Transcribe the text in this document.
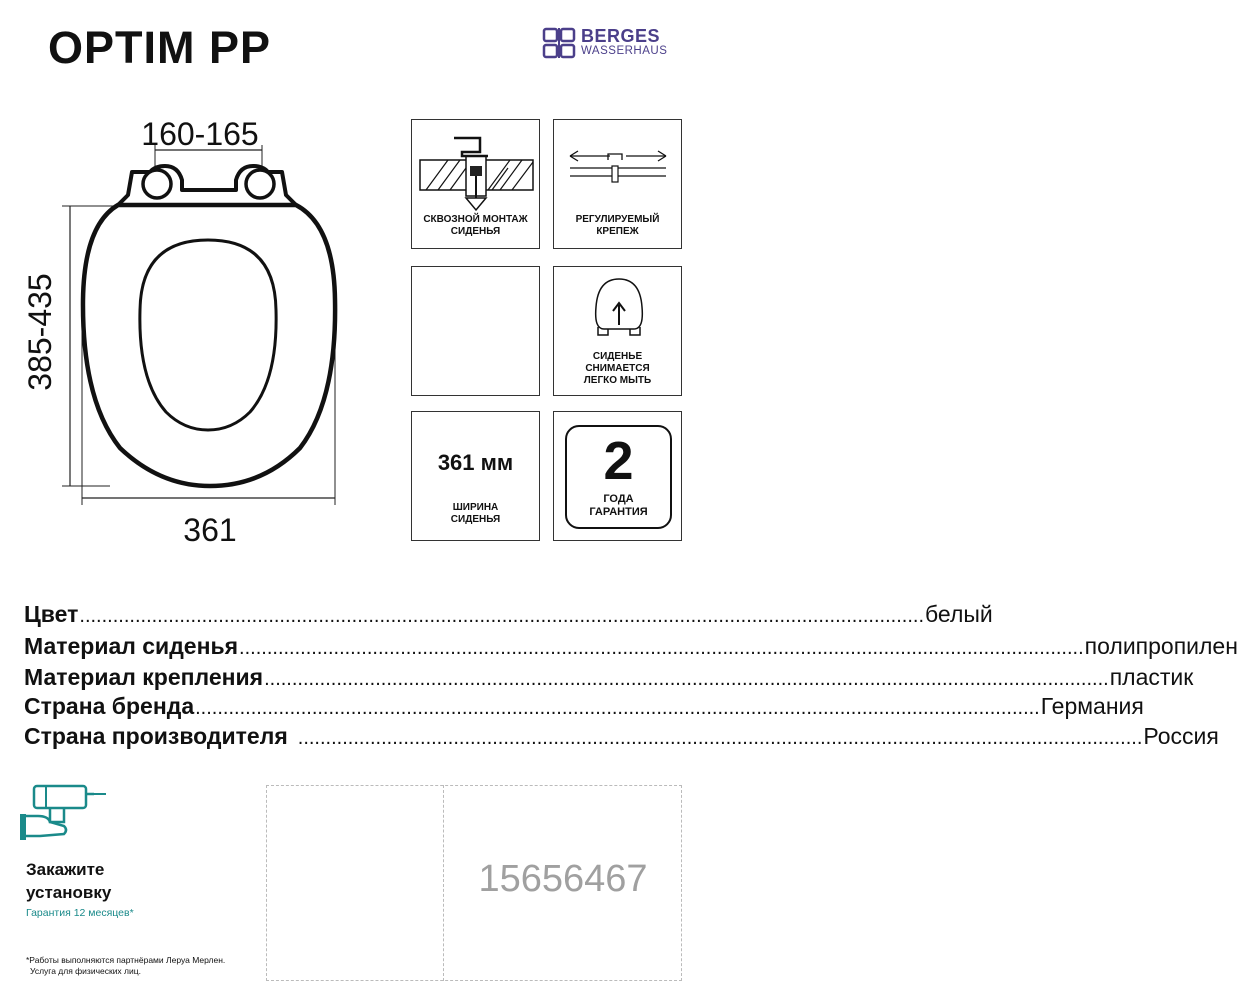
OPTIM PP	BERGES
WASSERHAUS
160-165
385-435
361
СКВОЗНОЙ МОНТАЖ
СИДЕНЬЯ
РЕГУЛИРУЕМЫЙ
КРЕПЕЖ
СИДЕНЬЕ
СНИМАЕТСЯ
ЛЕГКО МЫТЬ
361 мм
ШИРИНА
СИДЕНЬЯ
2
ГОДА
ГАРАНТИЯ
Цвет ........................................................................................................................................................ белый
Материал сиденья ........................................................................................................................................................ полипропилен
Материал крепления ........................................................................................................................................................ пластик
Страна бренда ........................................................................................................................................................ Германия
Страна производителя ........................................................................................................................................................ Россия
Закажите
установку
Гарантия 12 месяцев*
*Работы выполняются партнёрами Леруа Мерлен.
Услуга для физических лиц.
15656467
